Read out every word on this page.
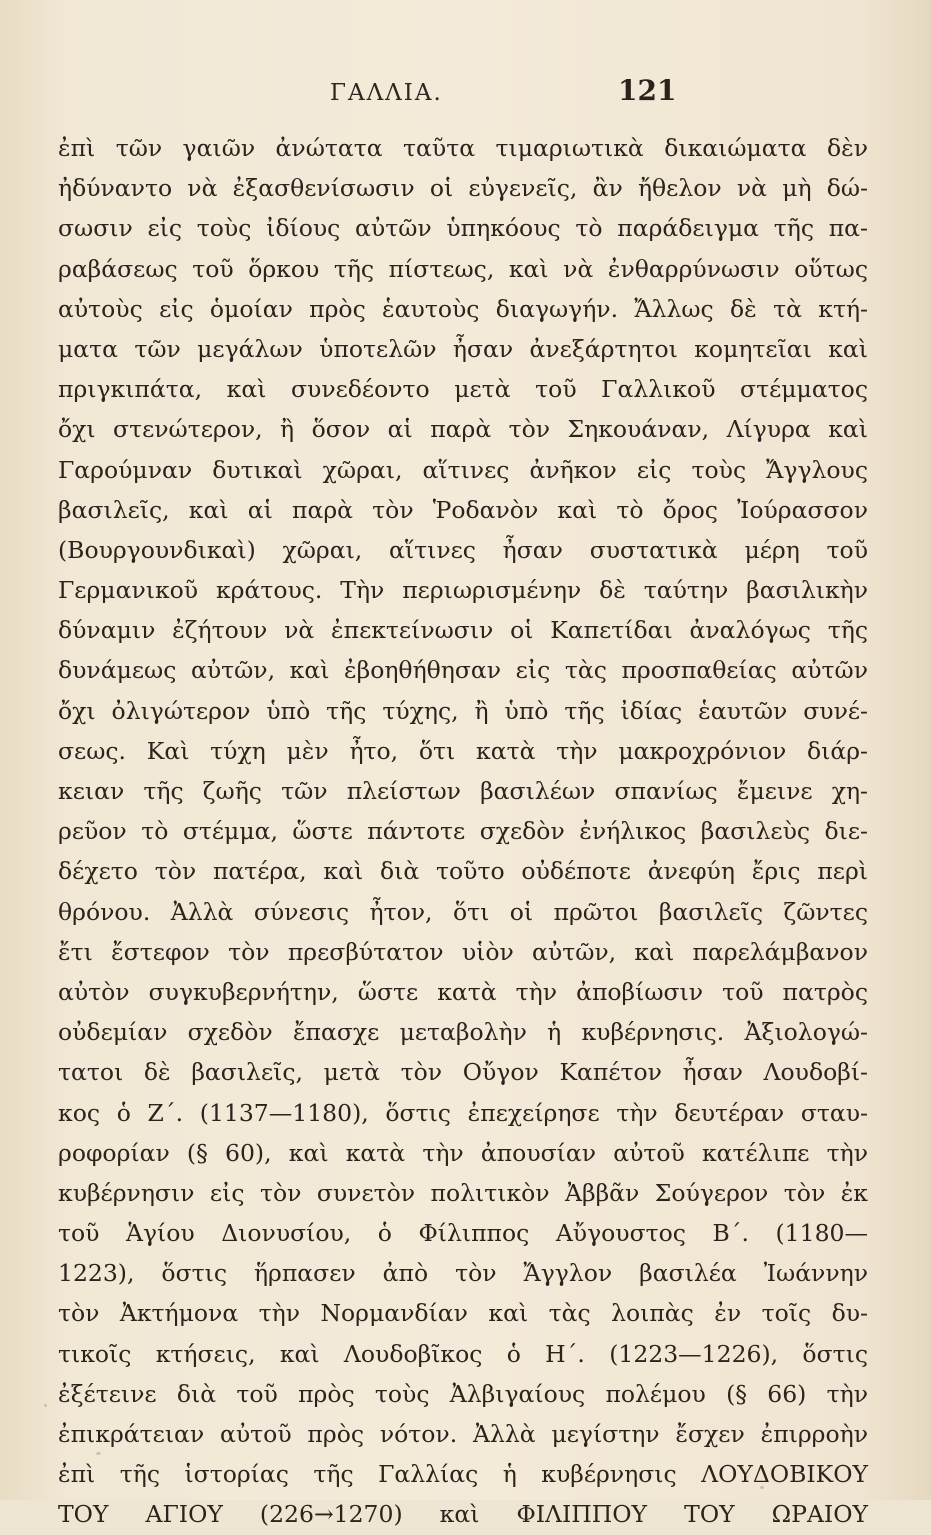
ΓΑΛΛΙΑ.	121
ἐπὶ τῶν γαιῶν ἀνώτατα ταῦτα τιμαριωτικὰ δικαιώματα δὲν
ἠδύναντο νὰ ἐξασθενίσωσιν οἱ εὐγενεῖς, ἂν ἤθελον νὰ μὴ δώ-
σωσιν εἰς τοὺς ἰδίους αὐτῶν ὑπηκόους τὸ παράδειγμα τῆς πα-
ραβάσεως τοῦ ὅρκου τῆς πίστεως, καὶ νὰ ἐνθαρρύνωσιν οὕτως
αὐτοὺς εἰς ὁμοίαν πρὸς ἑαυτοὺς διαγωγήν. Ἄλλως δὲ τὰ κτή-
ματα τῶν μεγάλων ὑποτελῶν ἦσαν ἀνεξάρτητοι κομητεῖαι καὶ
πριγκιπάτα, καὶ συνεδέοντο μετὰ τοῦ Γαλλικοῦ στέμματος
ὄχι στενώτερον, ἢ ὅσον αἱ παρὰ τὸν Σηκουάναν, Λίγυρα καὶ
Γαρούμναν δυτικαὶ χῶραι, αἵτινες ἀνῆκον εἰς τοὺς Ἄγγλους
βασιλεῖς, καὶ αἱ παρὰ τὸν Ῥοδανὸν καὶ τὸ ὄρος Ἰούρασσον
(Βουργουνδικαὶ) χῶραι, αἵτινες ἦσαν συστατικὰ μέρη τοῦ
Γερμανικοῦ κράτους. Τὴν περιωρισμένην δὲ ταύτην βασιλικὴν
δύναμιν ἐζήτουν νὰ ἐπεκτείνωσιν οἱ Καπετίδαι ἀναλόγως τῆς
δυνάμεως αὐτῶν, καὶ ἐβοηθήθησαν εἰς τὰς προσπαθείας αὐτῶν
ὄχι ὀλιγώτερον ὑπὸ τῆς τύχης, ἢ ὑπὸ τῆς ἰδίας ἑαυτῶν συνέ-
σεως. Καὶ τύχη μὲν ἦτο, ὅτι κατὰ τὴν μακροχρόνιον διάρ-
κειαν τῆς ζωῆς τῶν πλείστων βασιλέων σπανίως ἔμεινε χη-
ρεῦον τὸ στέμμα, ὥστε πάντοτε σχεδὸν ἐνήλικος βασιλεὺς διε-
δέχετο τὸν πατέρα, καὶ διὰ τοῦτο οὐδέποτε ἀνεφύη ἔρις περὶ
θρόνου. Ἀλλὰ σύνεσις ἦτον, ὅτι οἱ πρῶτοι βασιλεῖς ζῶντες
ἔτι ἔστεφον τὸν πρεσβύτατον υἱὸν αὐτῶν, καὶ παρελάμβανον
αὐτὸν συγκυβερνήτην, ὥστε κατὰ τὴν ἀποβίωσιν τοῦ πατρὸς
οὐδεμίαν σχεδὸν ἔπασχε μεταβολὴν ἡ κυβέρνησις. Ἀξιολογώ-
τατοι δὲ βασιλεῖς, μετὰ τὸν Οὔγον Καπέτον ἦσαν Λουδοβί-
κος ὁ Ζ΄. (1137—1180), ὅστις ἐπεχείρησε τὴν δευτέραν σταυ-
ροφορίαν (§ 60), καὶ κατὰ τὴν ἀπουσίαν αὐτοῦ κατέλιπε τὴν
κυβέρνησιν εἰς τὸν συνετὸν πολιτικὸν Ἀββᾶν Σούγερον τὸν ἐκ
τοῦ Ἁγίου Διονυσίου, ὁ Φίλιππος Αὔγουστος Β΄. (1180—
1223), ὅστις ἥρπασεν ἀπὸ τὸν Ἄγγλον βασιλέα Ἰωάννην
τὸν Ἀκτήμονα τὴν Νορμανδίαν καὶ τὰς λοιπὰς ἐν τοῖς δυ-
τικοῖς κτήσεις, καὶ Λουδοβῖκος ὁ Η΄. (1223—1226), ὅστις
ἐξέτεινε διὰ τοῦ πρὸς τοὺς Ἀλβιγαίους πολέμου (§ 66) τὴν
ἐπικράτειαν αὐτοῦ πρὸς νότον. Ἀλλὰ μεγίστην ἔσχεν ἐπιρροὴν
ἐπὶ τῆς ἱστορίας τῆς Γαλλίας ἡ κυβέρνησις ΛΟΥΔΟΒΙΚΟΥ
ΤΟΥ ΑΓΙΟΥ (226→1270) καὶ ΦΙΛΙΠΠΟΥ ΤΟΥ ΩΡΑΙΟΥ
